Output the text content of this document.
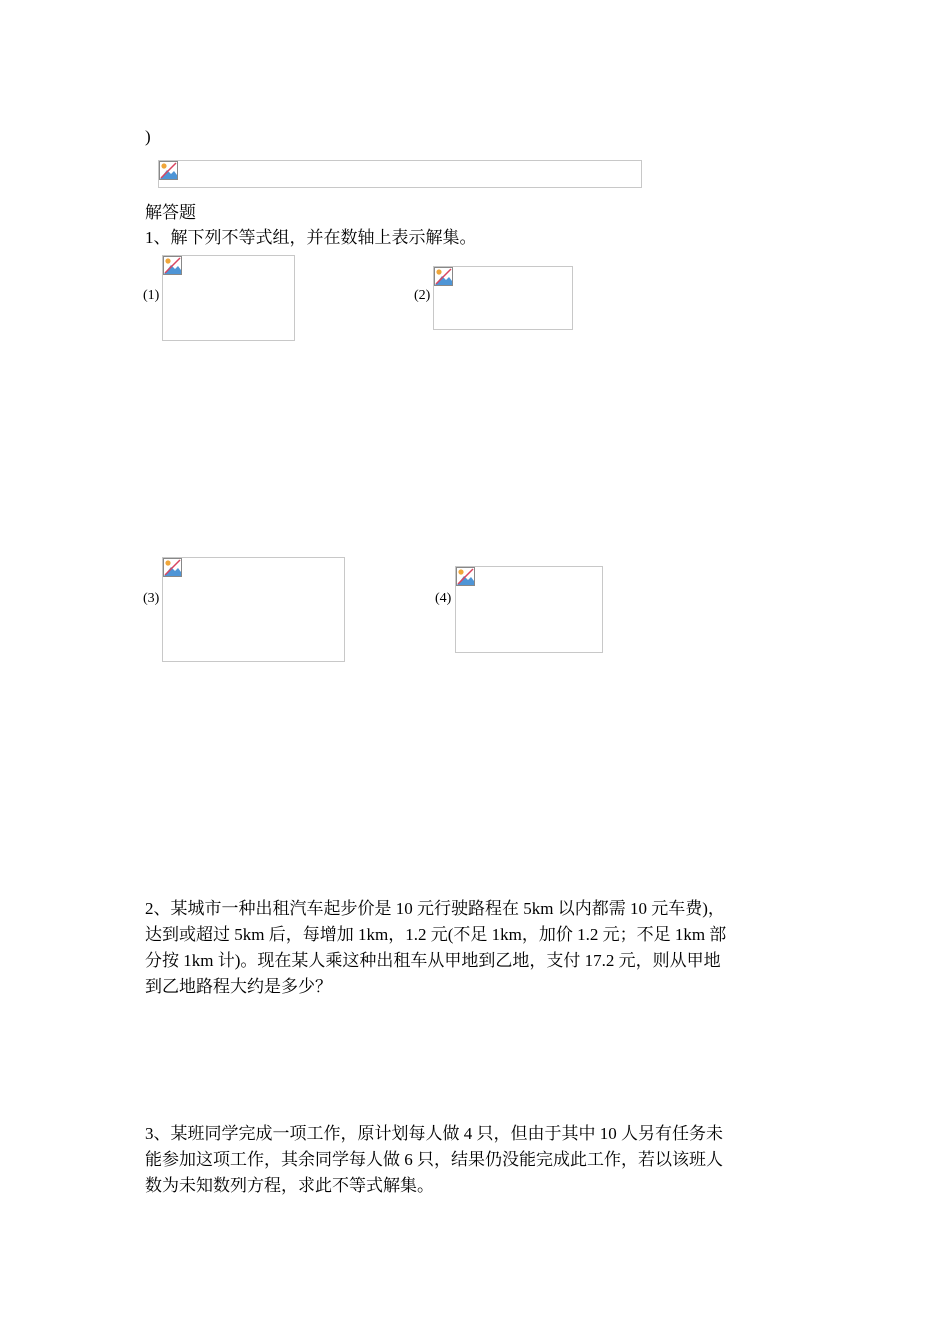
)
解答题
1、解下列不等式组，并在数轴上表示解集。
(1)	(2)
(3)	(4)
2、某城市一种出租汽车起步价是 10 元行驶路程在 5km 以内都需 10 元车费)，
达到或超过 5km 后，每增加 1km，1.2 元(不足 1km，加价 1.2 元；不足 1km 部
分按 1km 计)。现在某人乘这种出租车从甲地到乙地，支付 17.2 元，则从甲地
到乙地路程大约是多少？
3、某班同学完成一项工作，原计划每人做 4 只，但由于其中 10 人另有任务未
能参加这项工作，其余同学每人做 6 只，结果仍没能完成此工作，若以该班人
数为未知数列方程，求此不等式解集。
